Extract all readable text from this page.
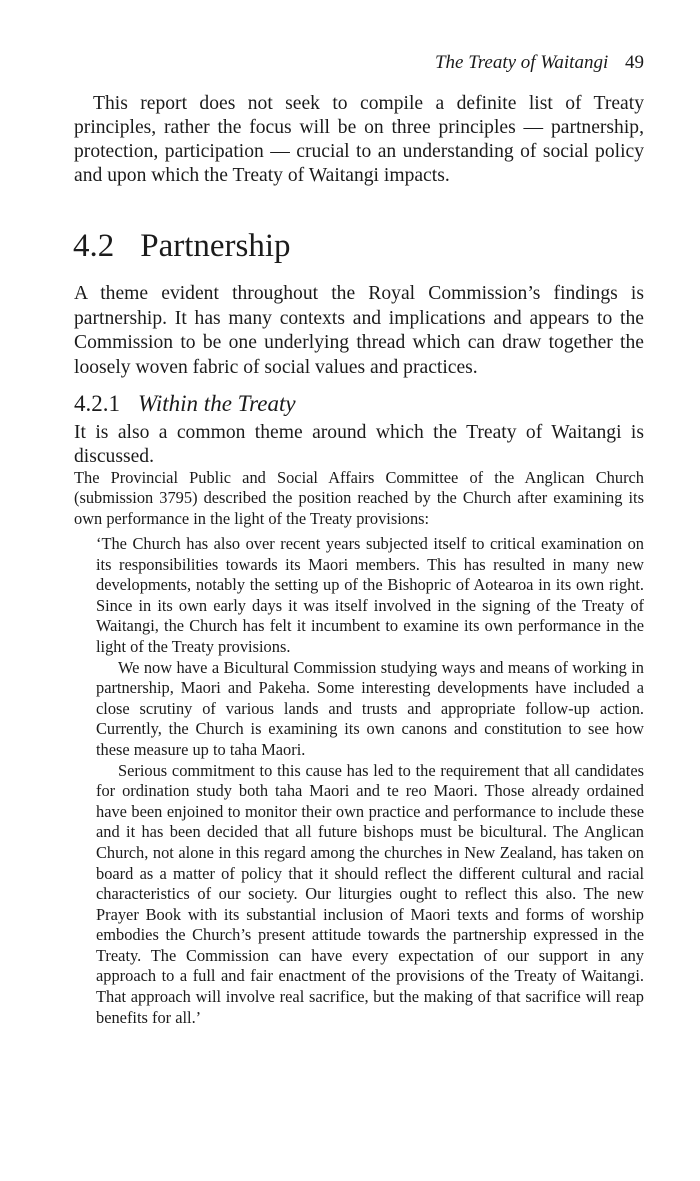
The Treaty of Waitangi 49

This report does not seek to compile a definite list of Treaty principles, rather the focus will be on three principles — partnership, protection, participation — crucial to an understanding of social policy and upon which the Treaty of Waitangi impacts.

4.2 Partnership

A theme evident throughout the Royal Commission’s findings is partnership. It has many contexts and implications and appears to the Commission to be one underlying thread which can draw together the loosely woven fabric of social values and practices.

4.2.1 Within the Treaty

It is also a common theme around which the Treaty of Waitangi is discussed.

The Provincial Public and Social Affairs Committee of the Anglican Church (submission 3795) described the position reached by the Church after examining its own performance in the light of the Treaty provisions:

‘The Church has also over recent years subjected itself to critical examination on its responsibilities towards its Maori members. This has resulted in many new developments, notably the setting up of the Bishopric of Aotearoa in its own right. Since in its own early days it was itself involved in the signing of the Treaty of Waitangi, the Church has felt it incumbent to examine its own performance in the light of the Treaty provisions.

We now have a Bicultural Commission studying ways and means of working in partnership, Maori and Pakeha. Some interesting developments have included a close scrutiny of various lands and trusts and appropriate follow-up action. Currently, the Church is examining its own canons and constitution to see how these measure up to taha Maori.

Serious commitment to this cause has led to the requirement that all candidates for ordination study both taha Maori and te reo Maori. Those already ordained have been enjoined to monitor their own practice and performance to include these and it has been decided that all future bishops must be bicultural. The Anglican Church, not alone in this regard among the churches in New Zealand, has taken on board as a matter of policy that it should reflect the different cultural and racial characteristics of our society. Our liturgies ought to reflect this also. The new Prayer Book with its substantial inclusion of Maori texts and forms of worship embodies the Church’s present attitude towards the partnership expressed in the Treaty. The Commission can have every expectation of our support in any approach to a full and fair enactment of the provisions of the Treaty of Waitangi. That approach will involve real sacrifice, but the making of that sacrifice will reap benefits for all.’
